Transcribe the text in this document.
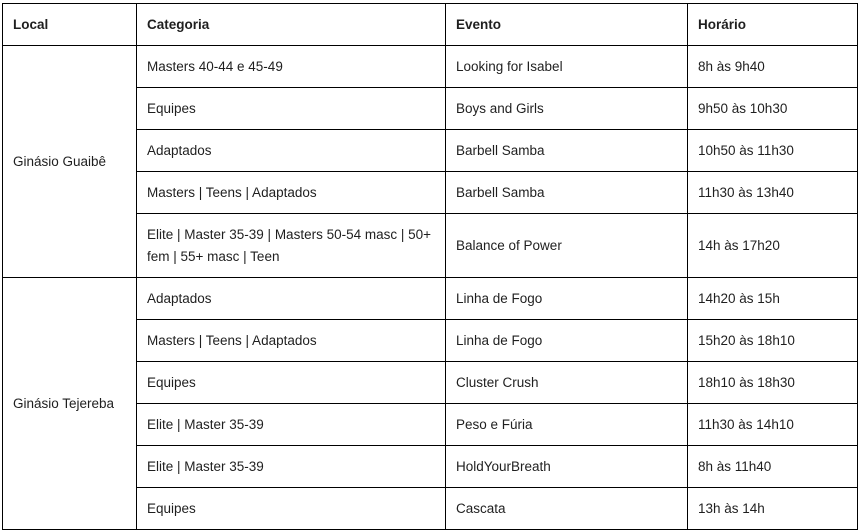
Local	Categoria	Evento	Horário
Ginásio Guaibê	Masters 40-44 e 45-49	Looking for Isabel	8h às 9h40
	Equipes	Boys and Girls	9h50 às 10h30
	Adaptados	Barbell Samba	10h50 às 11h30
	Masters | Teens | Adaptados	Barbell Samba	11h30 às 13h40
	Elite | Master 35-39 | Masters 50-54 masc | 50+ fem | 55+ masc | Teen	Balance of Power	14h às 17h20
Ginásio Tejereba	Adaptados	Linha de Fogo	14h20 às 15h
	Masters | Teens | Adaptados	Linha de Fogo	15h20 às 18h10
	Equipes	Cluster Crush	18h10 às 18h30
	Elite | Master 35-39	Peso e Fúria	11h30 às 14h10
	Elite | Master 35-39	HoldYourBreath	8h às 11h40
	Equipes	Cascata	13h às 14h
